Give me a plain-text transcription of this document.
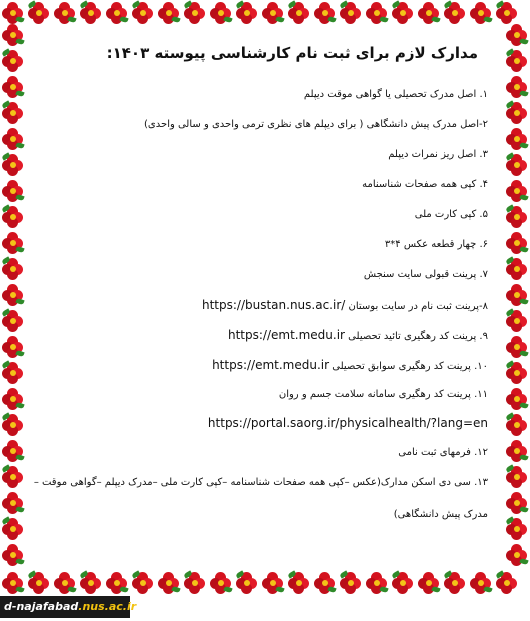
مدارک لازم برای ثبت نام کارشناسی پیوسته ۱۴۰۳:
۱. اصل مدرک تحصیلی یا گواهی موقت دیپلم
۲-اصل مدرک پیش دانشگاهی ( برای دیپلم های نظری ترمی واحدی و سالی واحدی)
۳. اصل ریز نمرات دیپلم
۴. کپی همه صفحات شناسنامه
۵. کپی کارت ملی
۶. چهار قطعه عکس ۴*۳
۷. پرینت قبولی سایت سنجش
۸-پرینت ثبت نام در سایت بوستان https://bustan.nus.ac.ir/
۹. پرینت کد رهگیری تائید تحصیلی https://emt.medu.ir
۱۰. پرینت کد رهگیری سوابق تحصیلی https://emt.medu.ir
۱۱. پرینت کد رهگیری سامانه سلامت جسم و روان
https://portal.saorg.ir/physicalhealth/?lang=en
۱۲. فرمهای ثبت نامی
۱۳. سی دی اسکن مدارک(عکس –کپی همه صفحات شناسنامه –کپی کارت ملی –مدرک دیپلم –گواهی موقت –
مدرک پیش دانشگاهی)
d-najafabad.nus.ac.ir
